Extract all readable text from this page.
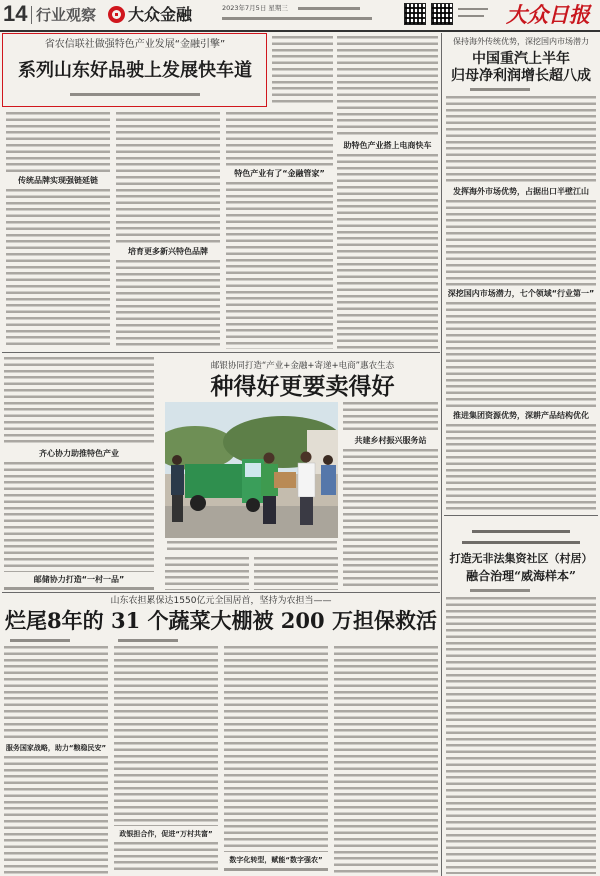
14 行业观察 大众金融	2023年7月5日 星期三	大众日报
省农信联社做强特色产业发展“金融引擎”
系列山东好品驶上发展快车道
助特色产业搭上电商快车
传统品牌实现强链延链
培育更多新兴特色品牌
特色产业有了“金融管家”
保持海外传统优势，深挖国内市场潜力
中国重汽上半年
归母净利润增长超八成
发挥海外市场优势，占据出口半壁江山
深挖国内市场潜力，七个领域“行业第一”
推进集团资源优势，深耕产品结构优化
打造无非法集资社区（村居）
融合治理“威海样本”
齐心协力助推特色产业
邮储协力打造“一村一品”
邮银协同打造“产业+金融+寄递+电商”惠农生态
种得好更要卖得好
共建乡村振兴服务站
山东农担累保达1550亿元全国居首，坚持为农担当——
烂尾8年的 31 个蔬菜大棚被 200 万担保救活
服务国家战略，助力“粮稳民安”
政银担合作，促进“万村共富”
数字化转型，赋能“数字强农”
